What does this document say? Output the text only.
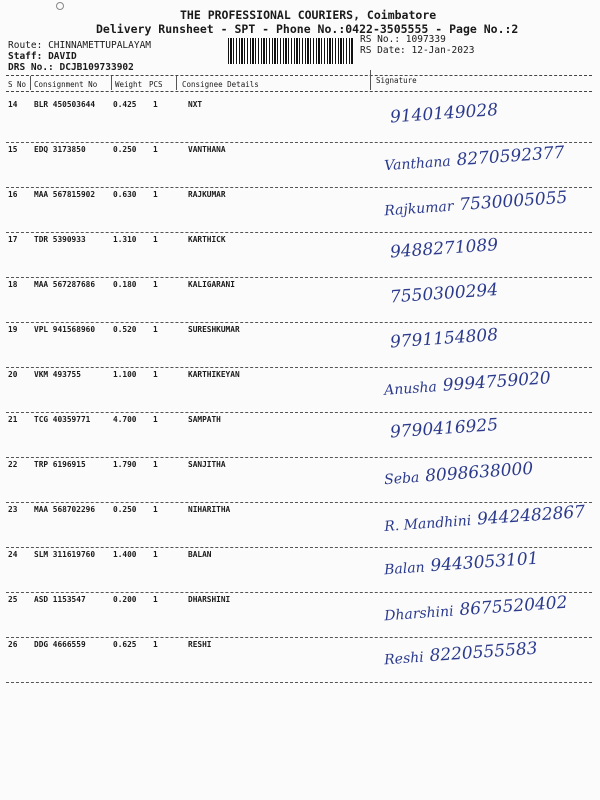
THE PROFESSIONAL COURIERS, Coimbatore
Delivery Runsheet - SPT - Phone No.:0422-3505555 - Page No.:2
Route: CHINNAMETTUPALAYAM
Staff: DAVID
DRS No.: DCJB109733902
RS No.: 1097339
RS Date: 12-Jan-2023
S No Consignment No Weight PCS	Consignee Details	Signature
14 BLR 450503644 0.425 1	NXT	9140149028
15 EDQ 3173850	0.250 1	VANTHANA
Vanthana 8270592377
16 MAA 567815902 0.630 1	RAJKUMAR
Rajkumar 7530005055
17 TDR 5390933	1.310 1	KARTHICK	9488271089
18 MAA 567287686 0.180 1	KALIGARANI	7550300294
19 VPL 941568960 0.520 1	SURESHKUMAR	9791154808
20 VKM 493755	1.100 1	KARTHIKEYAN
Anusha 9994759020
21 TCG 40359771	4.700 1	SAMPATH	9790416925
22 TRP 6196915	1.790 1	SANJITHA
Seba 8098638000
23 MAA 568702296 0.250 1	NIHARITHA
R. Mandhini 9442482867
24 SLM 311619760 1.400 1	BALAN
Balan 9443053101
25 ASD 1153547	0.200 1	DHARSHINI
Dharshini 8675520402
26 DDG 4666559	0.625 1	RESHI
Reshi 8220555583
